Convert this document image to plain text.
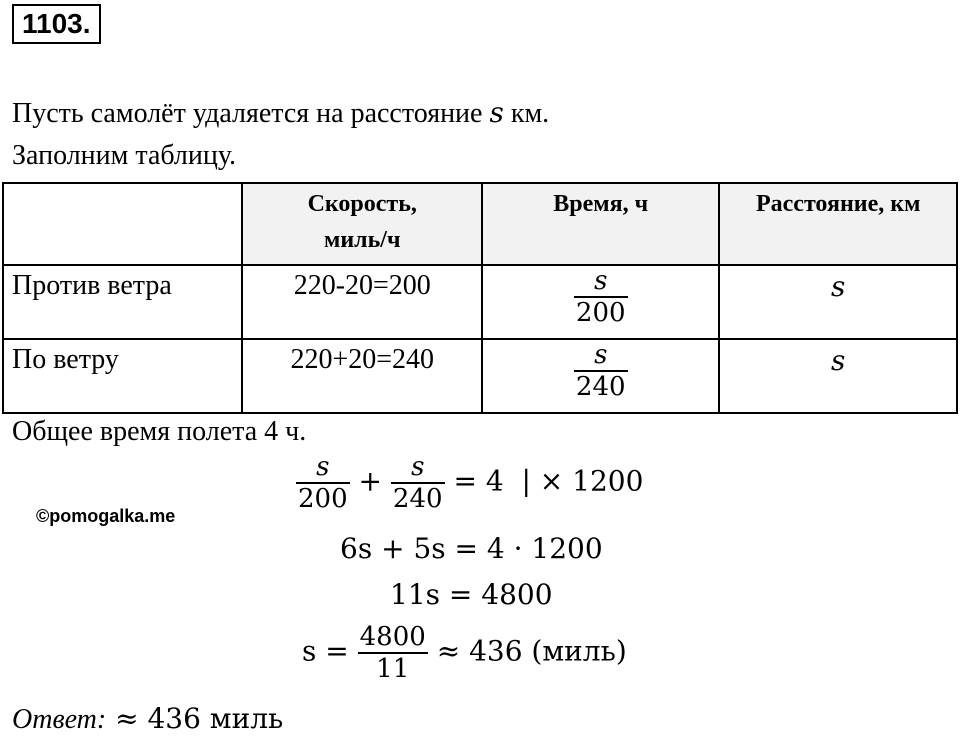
1103.
Пусть самолёт удаляется на расстояние s км.
Заполним таблицу.

	Скорость,
миль/ч	Время, ч	Расстояние, км

Против ветра	220-20=200	$\frac{s}{200}$	s

По ветру	220+20=240	$\frac{s}{240}$	s
Общее время полета 4 ч.
$\frac{s}{200} + \frac{s}{240} = 4$  | × 1200
©pomogalka.me
6s + 5s = 4 · 1200
11s = 4800
$s = \frac{4800}{11} \approx 436$ (миль)
Ответ: ≈ 436 миль
